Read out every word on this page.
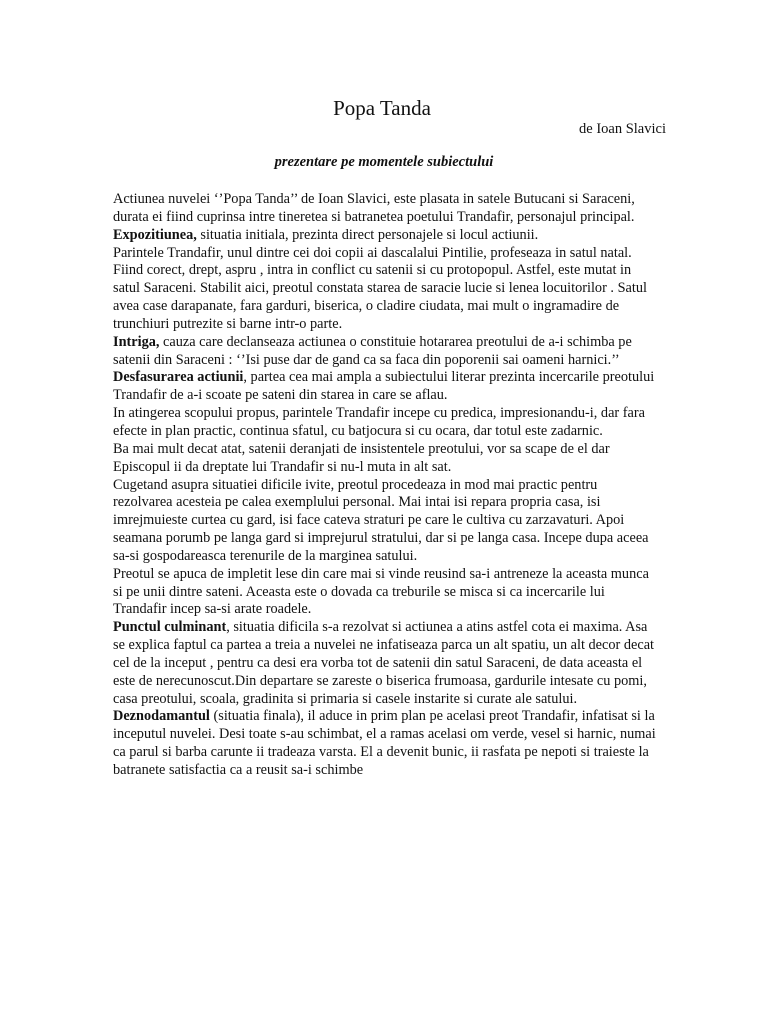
Popa Tanda

de Ioan Slavici

prezentare pe momentele subiectului

Actiunea nuvelei ‘’Popa Tanda’’ de Ioan Slavici, este plasata in satele Butucani si Saraceni, durata ei fiind cuprinsa intre tineretea si batranetea poetului Trandafir, personajul principal.

Expozitiunea, situatia initiala, prezinta direct personajele si locul actiunii.

Parintele Trandafir, unul dintre cei doi copii ai dascalalui Pintilie, profeseaza in satul natal. Fiind corect, drept, aspru , intra in conflict cu satenii si cu protopopul. Astfel, este mutat in satul Saraceni. Stabilit aici, preotul constata starea de saracie lucie si lenea locuitorilor . Satul avea case darapanate, fara garduri, biserica, o cladire ciudata, mai mult o ingramadire de trunchiuri putrezite si barne intr-o parte.

Intriga, cauza care declanseaza actiunea o constituie hotararea preotului de a-i schimba pe satenii din Saraceni : ‘’Isi puse dar de gand ca sa faca din poporenii sai oameni harnici.’’

Desfasurarea actiunii, partea cea mai ampla a subiectului literar prezinta incercarile preotului Trandafir de a-i scoate pe sateni din starea in care se aflau.

In atingerea scopului propus, parintele Trandafir incepe cu predica, impresionandu-i, dar fara efecte in plan practic, continua sfatul, cu batjocura si cu ocara, dar totul este zadarnic.

Ba mai mult decat atat, satenii deranjati de insistentele preotului, vor sa scape de el dar Episcopul ii da dreptate lui Trandafir si nu-l muta in alt sat.

Cugetand asupra situatiei dificile ivite, preotul procedeaza in mod mai practic pentru rezolvarea acesteia pe calea exemplului personal. Mai intai isi repara propria casa, isi imrejmuieste curtea cu gard, isi face cateva straturi pe care le cultiva cu zarzavaturi. Apoi seamana porumb pe langa gard si imprejurul stratului, dar si pe langa casa. Incepe dupa aceea sa-si gospodareasca terenurile de la marginea satului.

Preotul se apuca de impletit lese din care mai si vinde reusind sa-i antreneze la aceasta munca si pe unii dintre sateni. Aceasta este o dovada ca treburile se misca si ca incercarile lui Trandafir incep sa-si arate roadele.

Punctul culminant, situatia dificila s-a rezolvat si actiunea a atins astfel cota ei maxima. Asa se explica faptul ca partea a treia a nuvelei ne infatiseaza parca un alt spatiu, un alt decor decat cel de la inceput , pentru ca desi era vorba tot de satenii din satul Saraceni, de data aceasta el este de nerecunoscut.Din departare se zareste o biserica frumoasa, gardurile intesate cu pomi, casa preotului, scoala, gradinita si primaria si casele instarite si curate ale satului.

Deznodamantul (situatia finala), il aduce in prim plan pe acelasi preot Trandafir, infatisat si la inceputul nuvelei. Desi toate s-au schimbat, el a ramas acelasi om verde, vesel si harnic, numai ca parul si barba carunte ii tradeaza varsta. El a devenit bunic, ii rasfata pe nepoti si traieste la batranete satisfactia ca a reusit sa-i schimbe
